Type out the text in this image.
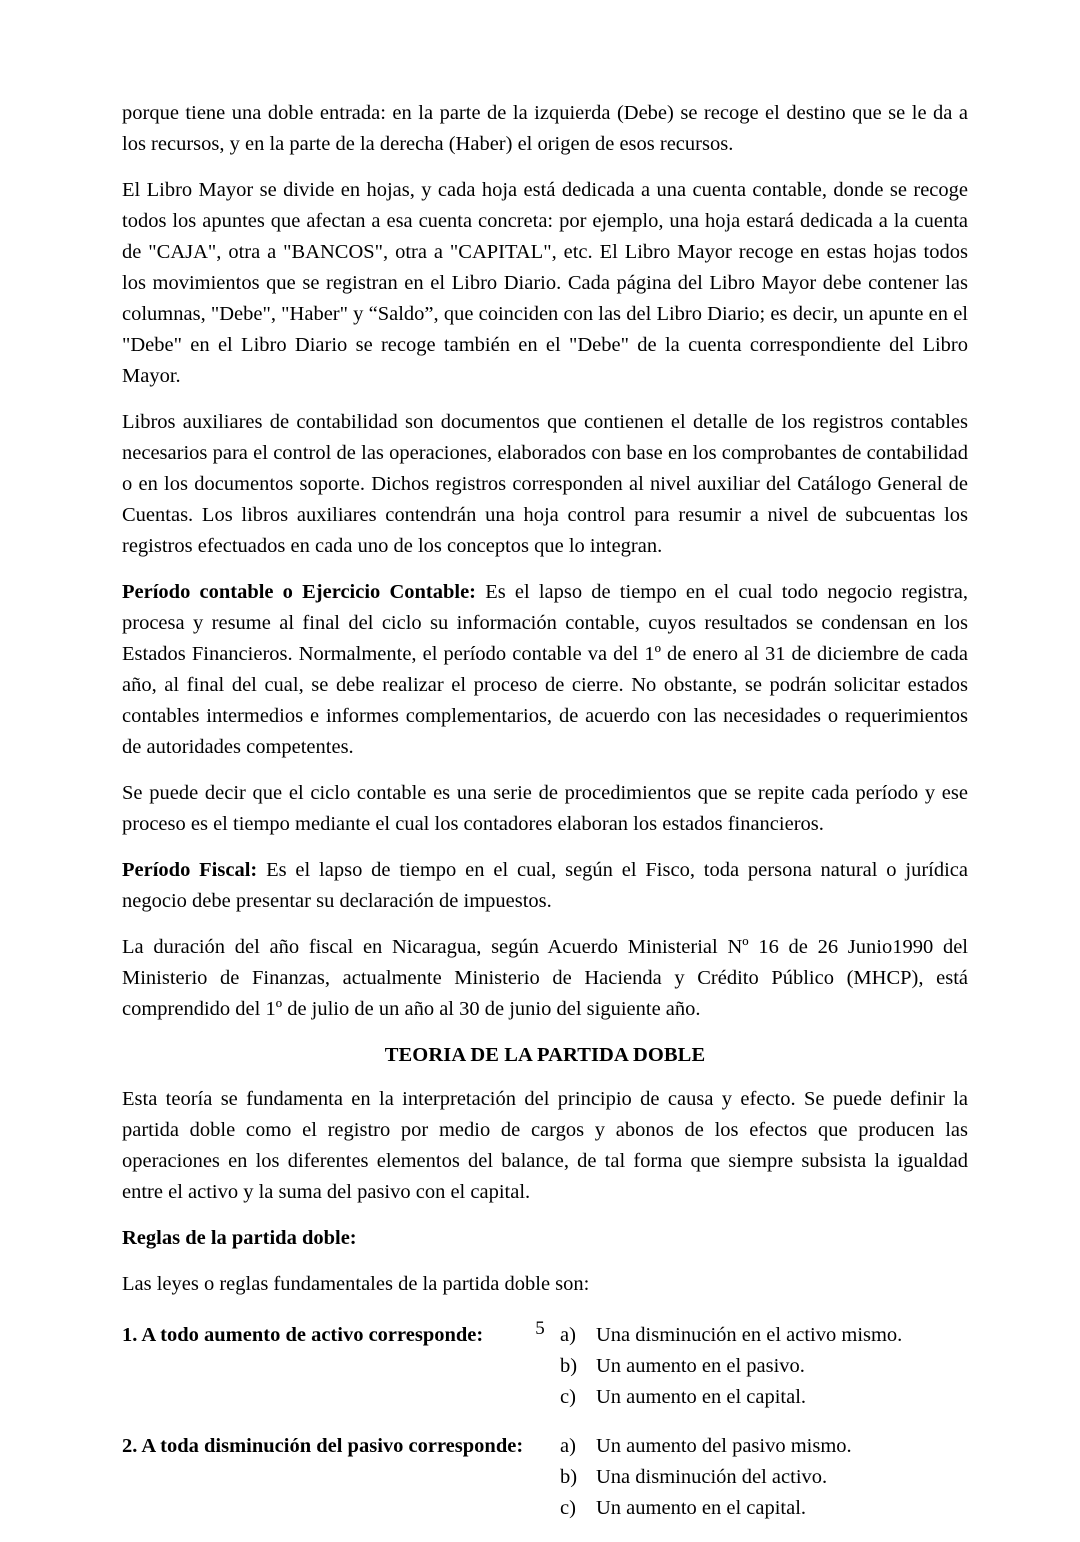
porque tiene una doble entrada: en la parte de la izquierda (Debe) se recoge el destino que se le da a los recursos, y en la parte de la derecha (Haber) el origen de esos recursos.

El Libro Mayor se divide en hojas, y cada hoja está dedicada a una cuenta contable, donde se recoge todos los apuntes que afectan a esa cuenta concreta: por ejemplo, una hoja estará dedicada a la cuenta de "CAJA", otra a "BANCOS", otra a "CAPITAL", etc. El Libro Mayor recoge en estas hojas todos los movimientos que se registran en el Libro Diario. Cada página del Libro Mayor debe contener las columnas, "Debe", "Haber" y “Saldo”, que coinciden con las del Libro Diario; es decir, un apunte en el "Debe" en el Libro Diario se recoge también en el "Debe" de la cuenta correspondiente del Libro Mayor.

Libros auxiliares de contabilidad son documentos que contienen el detalle de los registros contables necesarios para el control de las operaciones, elaborados con base en los comprobantes de contabilidad o en los documentos soporte. Dichos registros corresponden al nivel auxiliar del Catálogo General de Cuentas. Los libros auxiliares contendrán una hoja control para resumir a nivel de subcuentas los registros efectuados en cada uno de los conceptos que lo integran.

Período contable o Ejercicio Contable: Es el lapso de tiempo en el cual todo negocio registra, procesa y resume al final del ciclo su información contable, cuyos resultados se condensan en los Estados Financieros. Normalmente, el período contable va del 1º de enero al 31 de diciembre de cada año, al final del cual, se debe realizar el proceso de cierre. No obstante, se podrán solicitar estados contables intermedios e informes complementarios, de acuerdo con las necesidades o requerimientos de autoridades competentes.

Se puede decir que el ciclo contable es una serie de procedimientos que se repite cada período y ese proceso es el tiempo mediante el cual los contadores elaboran los estados financieros.

Período Fiscal: Es el lapso de tiempo en el cual, según el Fisco, toda persona natural o jurídica negocio debe presentar su declaración de impuestos.

La duración del año fiscal en Nicaragua, según Acuerdo Ministerial Nº 16 de 26 Junio1990 del Ministerio de Finanzas, actualmente Ministerio de Hacienda y Crédito Público (MHCP), está comprendido del 1º de julio de un año al 30 de junio del siguiente año.

TEORIA DE LA PARTIDA DOBLE

Esta teoría se fundamenta en la interpretación del principio de causa y efecto. Se puede definir la partida doble como el registro por medio de cargos y abonos de los efectos que producen las operaciones en los diferentes elementos del balance, de tal forma que siempre subsista la igualdad entre el activo y la suma del pasivo con el capital.

Reglas de la partida doble:

Las leyes o reglas fundamentales de la partida doble son:

1. A todo aumento de activo corresponde:	a) Una disminución en el activo mismo.
b) Un aumento en el pasivo.
c) Un aumento en el capital.
2. A toda disminución del pasivo corresponde:	a) Un aumento del pasivo mismo.
b) Una disminución del activo.
c) Un aumento en el capital.
5
